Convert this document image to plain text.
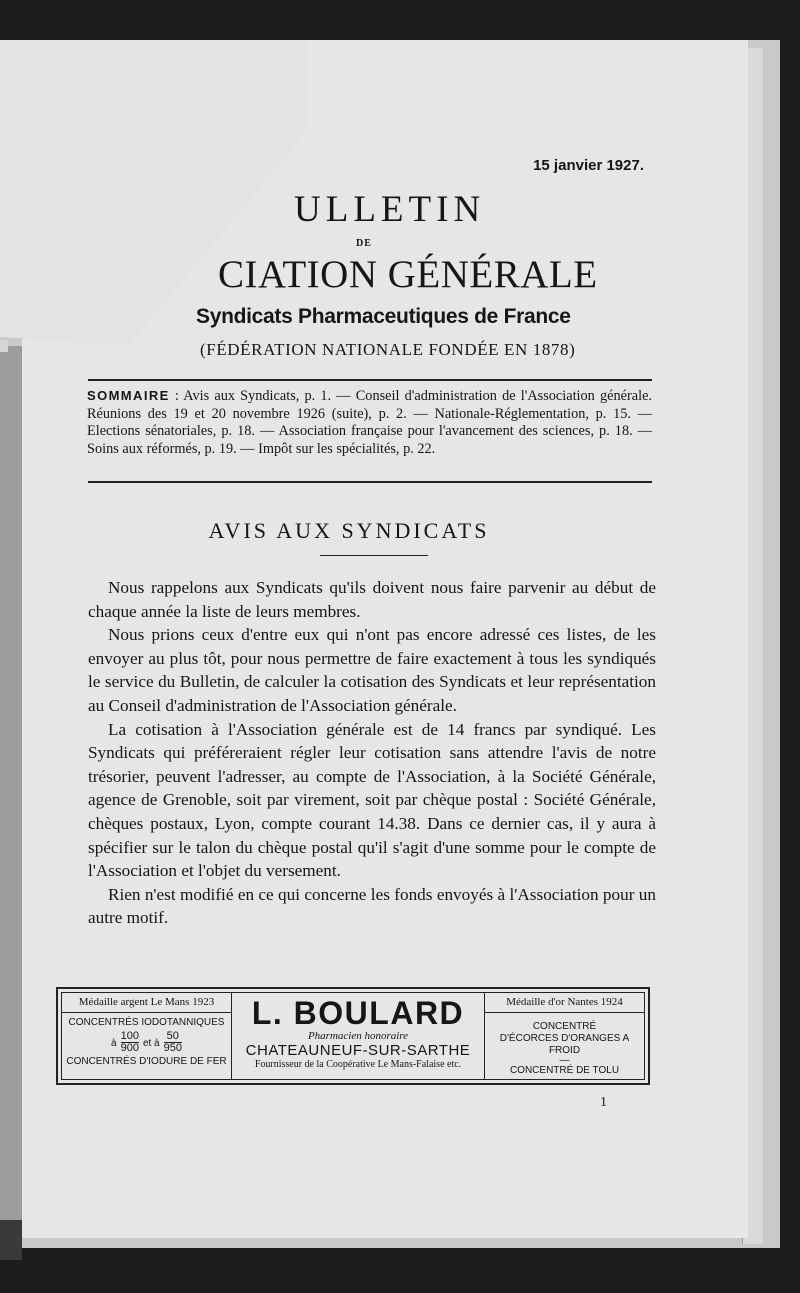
15 janvier 1927.
ULLETIN
DE
CIATION GÉNÉRALE
Syndicats Pharmaceutiques de France
(FÉDÉRATION NATIONALE FONDÉE EN 1878)
SOMMAIRE : Avis aux Syndicats, p. 1. — Conseil d'administration de l'Association générale. Réunions des 19 et 20 novembre 1926 (suite), p. 2. — Nationale-Réglementation, p. 15. — Elections sénatoriales, p. 18. — Association française pour l'avancement des sciences, p. 18. — Soins aux réformés, p. 19. — Impôt sur les spécialités, p. 22.
AVIS AUX SYNDICATS

Nous rappelons aux Syndicats qu'ils doivent nous faire parvenir au début de chaque année la liste de leurs membres.

Nous prions ceux d'entre eux qui n'ont pas encore adressé ces listes, de les envoyer au plus tôt, pour nous permettre de faire exactement à tous les syndiqués le service du Bulletin, de calculer la cotisation des Syndicats et leur représentation au Conseil d'administration de l'Association générale.

La cotisation à l'Association générale est de 14 francs par syndiqué. Les Syndicats qui préféreraient régler leur cotisation sans attendre l'avis de notre trésorier, peuvent l'adresser, au compte de l'Association, à la Société Générale, agence de Grenoble, soit par virement, soit par chèque postal : Société Générale, chèques postaux, Lyon, compte courant 14.38. Dans ce dernier cas, il y aura à spécifier sur le talon du chèque postal qu'il s'agit d'une somme pour le compte de l'Association et l'objet du versement.

Rien n'est modifié en ce qui concerne les fonds envoyés à l'Association pour un autre motif.

Médaille argent Le Mans 1923
CONCENTRÉS IODOTANNIQUES
à $\frac{100}{900}$ et à $\frac{50}{950}$
CONCENTRÉS D'IODURE DE FER
L. BOULARD
Pharmacien honoraire
CHATEAUNEUF-SUR-SARTHE
Fournisseur de la Coopérative Le Mans-Falaise etc.
Médaille d'or Nantes 1924
CONCENTRÉ
D'ÉCORCES D'ORANGES A FROID
—
CONCENTRÉ DE TOLU
1
